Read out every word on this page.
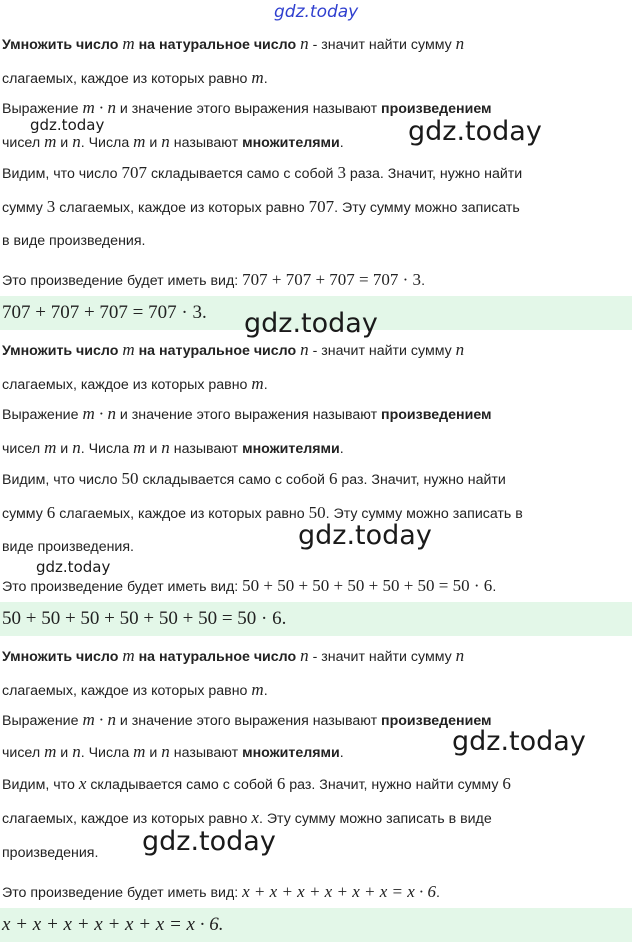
gdz.today
Умножить число m на натуральное число n - значит найти сумму n
слагаемых, каждое из которых равно m.
Выражение m · n и значение этого выражения называют произведением
чисел m и n. Числа m и n называют множителями.
gdz.today	gdz.today
Видим, что число 707 складывается само с собой 3 раза. Значит, нужно найти
сумму 3 слагаемых, каждое из которых равно 707. Эту сумму можно записать
в виде произведения.
Это произведение будет иметь вид: 707 + 707 + 707 = 707 · 3.
707 + 707 + 707 = 707 · 3. gdz.today
Умножить число m на натуральное число n - значит найти сумму n
слагаемых, каждое из которых равно m.
Выражение m · n и значение этого выражения называют произведением
чисел m и n. Числа m и n называют множителями.
Видим, что число 50 складывается само с собой 6 раз. Значит, нужно найти
сумму 6 слагаемых, каждое из которых равно 50. Эту сумму можно записать в
виде произведения.	gdz.today
gdz.today
Это произведение будет иметь вид: 50 + 50 + 50 + 50 + 50 + 50 = 50 · 6.
50 + 50 + 50 + 50 + 50 + 50 = 50 · 6.
Умножить число m на натуральное число n - значит найти сумму n
слагаемых, каждое из которых равно m.
Выражение m · n и значение этого выражения называют произведением
чисел m и n. Числа m и n называют множителями.	gdz.today
Видим, что x складывается само с собой 6 раз. Значит, нужно найти сумму 6
слагаемых, каждое из которых равно x. Эту сумму можно записать в виде
произведения.	gdz.today
Это произведение будет иметь вид: x + x + x + x + x + x = x · 6.
x + x + x + x + x + x = x · 6.
